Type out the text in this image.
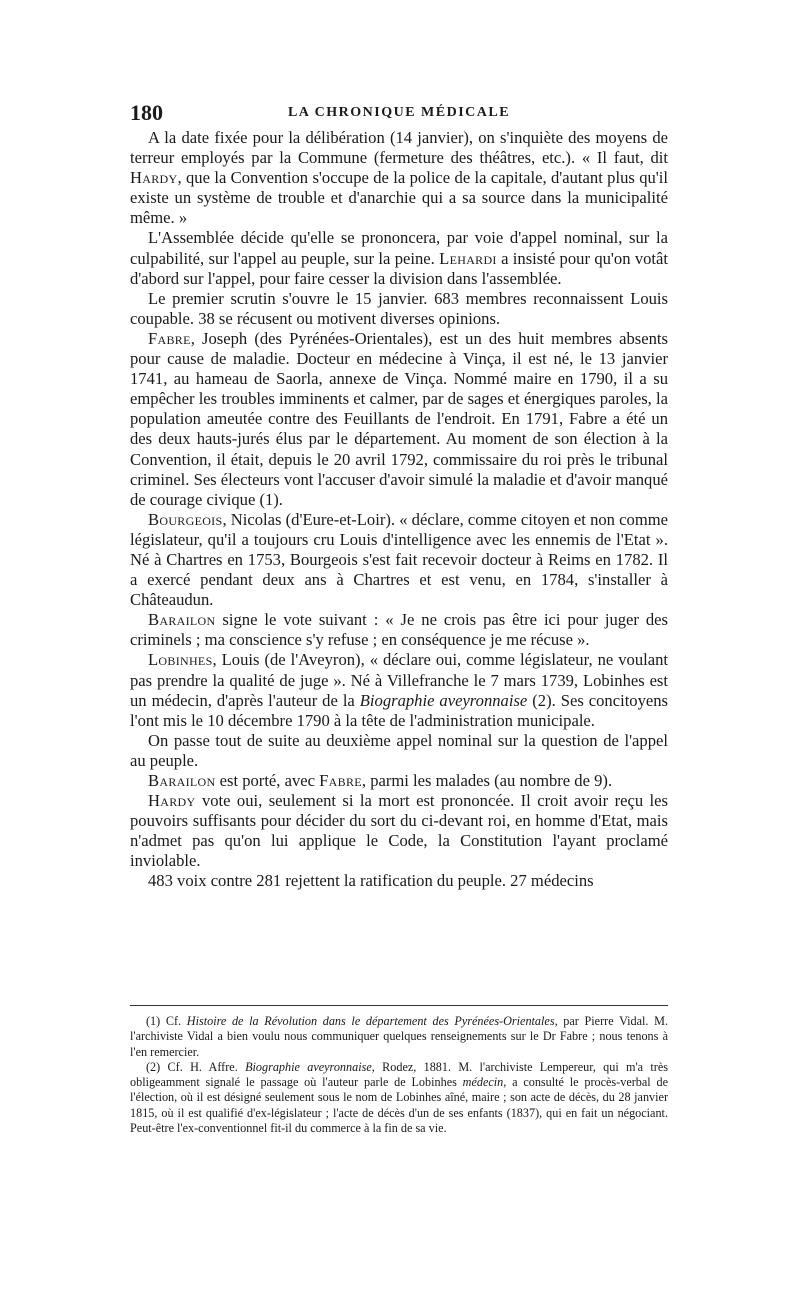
180	LA CHRONIQUE MÉDICALE

A la date fixée pour la délibération (14 janvier), on s'inquiète des moyens de terreur employés par la Commune (fermeture des théâtres, etc.). « Il faut, dit Hardy, que la Convention s'occupe de la police de la capitale, d'autant plus qu'il existe un système de trouble et d'anarchie qui a sa source dans la municipalité même. »

L'Assemblée décide qu'elle se prononcera, par voie d'appel nominal, sur la culpabilité, sur l'appel au peuple, sur la peine. Lehardi a insisté pour qu'on votât d'abord sur l'appel, pour faire cesser la division dans l'assemblée.

Le premier scrutin s'ouvre le 15 janvier. 683 membres reconnaissent Louis coupable. 38 se récusent ou motivent diverses opinions.

Fabre, Joseph (des Pyrénées-Orientales), est un des huit membres absents pour cause de maladie. Docteur en médecine à Vinça, il est né, le 13 janvier 1741, au hameau de Saorla, annexe de Vinça. Nommé maire en 1790, il a su empêcher les troubles imminents et calmer, par de sages et énergiques paroles, la population ameutée contre des Feuillants de l'endroit. En 1791, Fabre a été un des deux hauts-jurés élus par le département. Au moment de son élection à la Convention, il était, depuis le 20 avril 1792, commissaire du roi près le tribunal criminel. Ses électeurs vont l'accuser d'avoir simulé la maladie et d'avoir manqué de courage civique (1).

Bourgeois, Nicolas (d'Eure-et-Loir). « déclare, comme citoyen et non comme législateur, qu'il a toujours cru Louis d'intelligence avec les ennemis de l'Etat ». Né à Chartres en 1753, Bourgeois s'est fait recevoir docteur à Reims en 1782. Il a exercé pendant deux ans à Chartres et est venu, en 1784, s'installer à Châteaudun.

Barailon signe le vote suivant : « Je ne crois pas être ici pour juger des criminels ; ma conscience s'y refuse ; en conséquence je me récuse ».

Lobinhes, Louis (de l'Aveyron), « déclare oui, comme législateur, ne voulant pas prendre la qualité de juge ». Né à Villefranche le 7 mars 1739, Lobinhes est un médecin, d'après l'auteur de la Biographie aveyronnaise (2). Ses concitoyens l'ont mis le 10 décembre 1790 à la tête de l'administration municipale.

On passe tout de suite au deuxième appel nominal sur la question de l'appel au peuple.

Barailon est porté, avec Fabre, parmi les malades (au nombre de 9).

Hardy vote oui, seulement si la mort est prononcée. Il croit avoir reçu les pouvoirs suffisants pour décider du sort du ci-devant roi, en homme d'Etat, mais n'admet pas qu'on lui applique le Code, la Constitution l'ayant proclamé inviolable.

483 voix contre 281 rejettent la ratification du peuple. 27 médecins

(1) Cf. Histoire de la Révolution dans le département des Pyrénées-Orientales, par Pierre Vidal. M. l'archiviste Vidal a bien voulu nous communiquer quelques renseignements sur le Dr Fabre ; nous tenons à l'en remercier.

(2) Cf. H. Affre. Biographie aveyronnaise, Rodez, 1881. M. l'archiviste Lempereur, qui m'a très obligeamment signalé le passage où l'auteur parle de Lobinhes médecin, a consulté le procès-verbal de l'élection, où il est désigné seulement sous le nom de Lobinhes aîné, maire ; son acte de décès, du 28 janvier 1815, où il est qualifié d'ex-législateur ; l'acte de décès d'un de ses enfants (1837), qui en fait un négociant. Peut-être l'ex-conventionnel fit-il du commerce à la fin de sa vie.
